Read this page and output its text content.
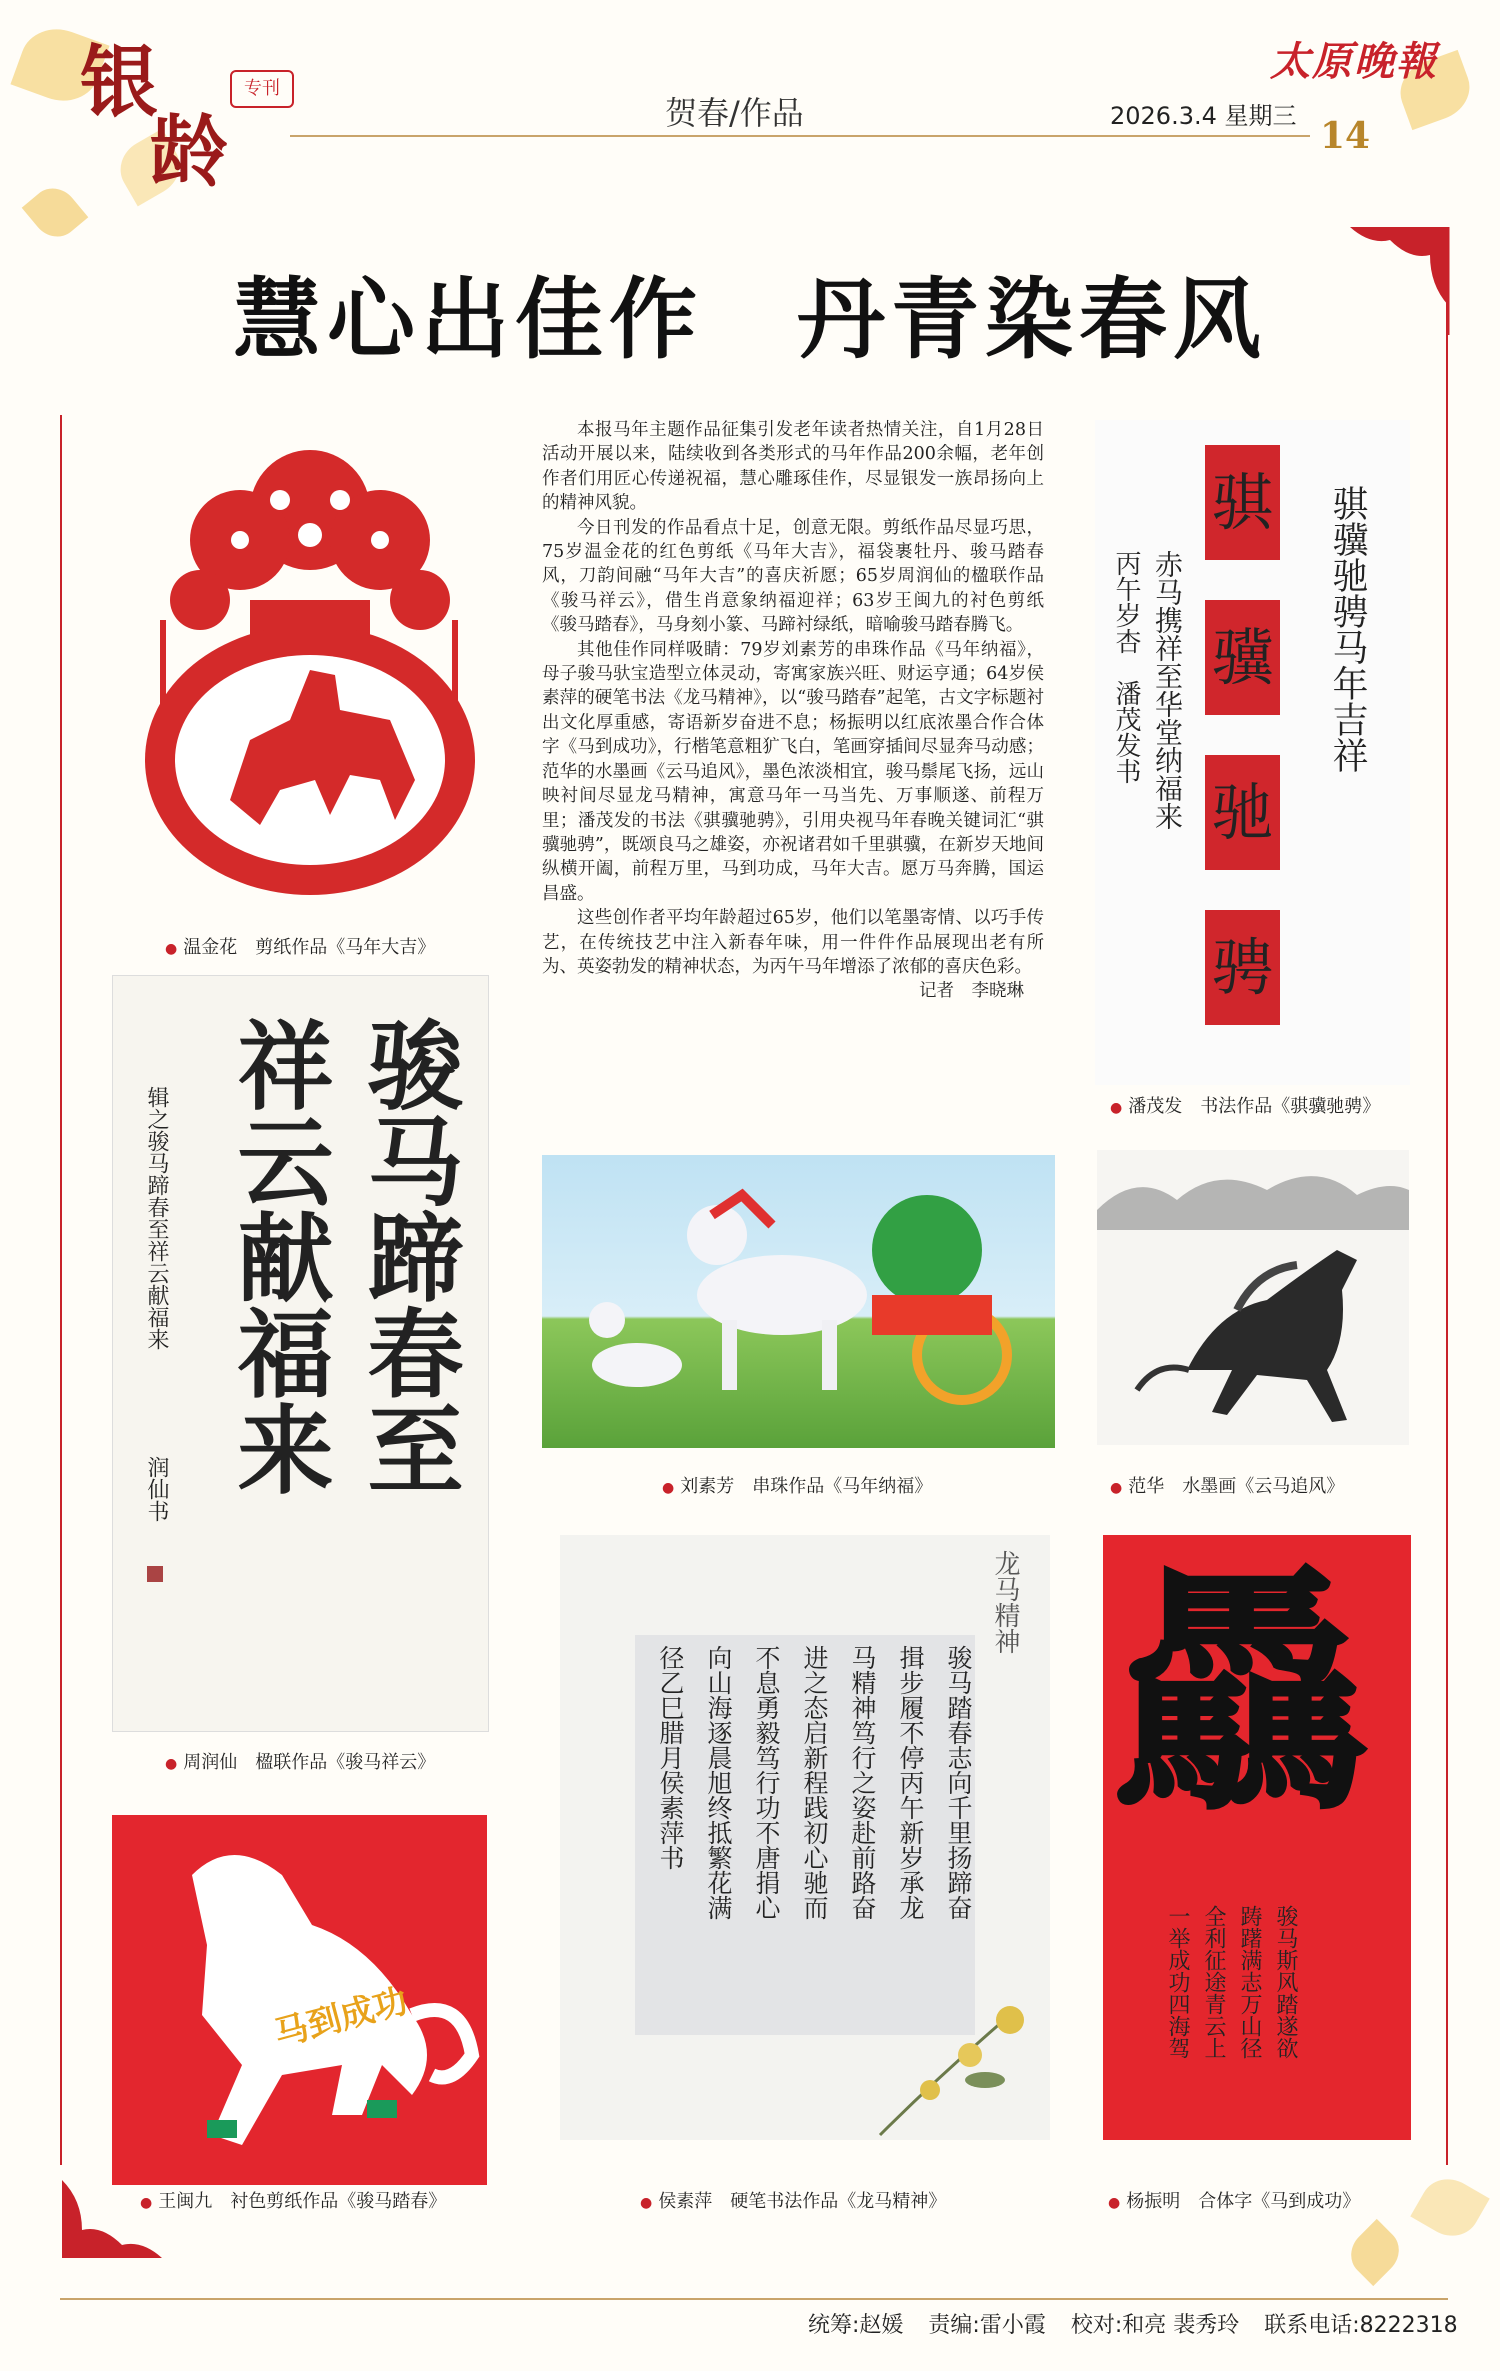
银
龄
专刊
太原晚報
贺春/作品	2026.3.4 星期三 14
慧心出佳作　丹青染春风

本报马年主题作品征集引发老年读者热情关注，自1月28日活动开展以来，陆续收到各类形式的马年作品200余幅，老年创作者们用匠心传递祝福，慧心雕琢佳作，尽显银发一族昂扬向上的精神风貌。

今日刊发的作品看点十足，创意无限。剪纸作品尽显巧思，75岁温金花的红色剪纸《马年大吉》，福袋裹牡丹、骏马踏春风，刀韵间融“马年大吉”的喜庆祈愿；65岁周润仙的楹联作品《骏马祥云》，借生肖意象纳福迎祥；63岁王闽九的衬色剪纸《骏马踏春》，马身刻小篆、马蹄衬绿纸，暗喻骏马踏春腾飞。

其他佳作同样吸睛：79岁刘素芳的串珠作品《马年纳福》，母子骏马驮宝造型立体灵动，寄寓家族兴旺、财运亨通；64岁侯素萍的硬笔书法《龙马精神》，以“骏马踏春”起笔，古文字标题衬出文化厚重感，寄语新岁奋进不息；杨振明以红底浓墨合作合体字《马到成功》，行楷笔意粗犷飞白，笔画穿插间尽显奔马动感；范华的水墨画《云马追风》，墨色浓淡相宜，骏马鬃尾飞扬，远山映衬间尽显龙马精神，寓意马年一马当先、万事顺遂、前程万里；潘茂发的书法《骐骥驰骋》，引用央视马年春晚关键词汇“骐骥驰骋”，既颂良马之雄姿，亦祝诸君如千里骐骥，在新岁天地间纵横开阖，前程万里，马到功成，马年大吉。愿万马奔腾，国运昌盛。

这些创作者平均年龄超过65岁，他们以笔墨寄情、以巧手传艺，在传统技艺中注入新春年味，用一件件作品展现出老有所为、英姿勃发的精神状态，为丙午马年增添了浓郁的喜庆色彩。

记者　李晓琳
● 温金花　剪纸作品《马年大吉》
骏马蹄春至
祥云献福来
辑之骏马蹄春至祥云献福来
润仙书
● 周润仙　楹联作品《骏马祥云》
骐
骥
驰
骋
骐骥驰骋马年吉祥
赤马携祥至华堂纳福来
丙午岁杏　潘茂发书
● 潘茂发　书法作品《骐骥驰骋》
● 刘素芳　串珠作品《马年纳福》
●	范华　水墨画《云马追风》
龙马精神
骏马踏春志向千里扬蹄奋
揖步履不停丙午新岁承龙
马精神笃行之姿赴前路奋
进之态启新程践初心驰而
不息勇毅笃行功不唐捐心
向山海逐晨旭终抵繁花满
径乙巳腊月侯素萍书
● 侯素萍　硬笔书法作品《龙马精神》
马到成功
● 王闽九　衬色剪纸作品《骏马踏春》
驫
骏马斯风踏遂欲
踌躇满志万山径
全利征途青云上
一举成功四海驾
● 杨振明　合体字《马到成功》
统筹:赵媛 责编:雷小霞 校对:和亮 裴秀玲 联系电话:8222318
